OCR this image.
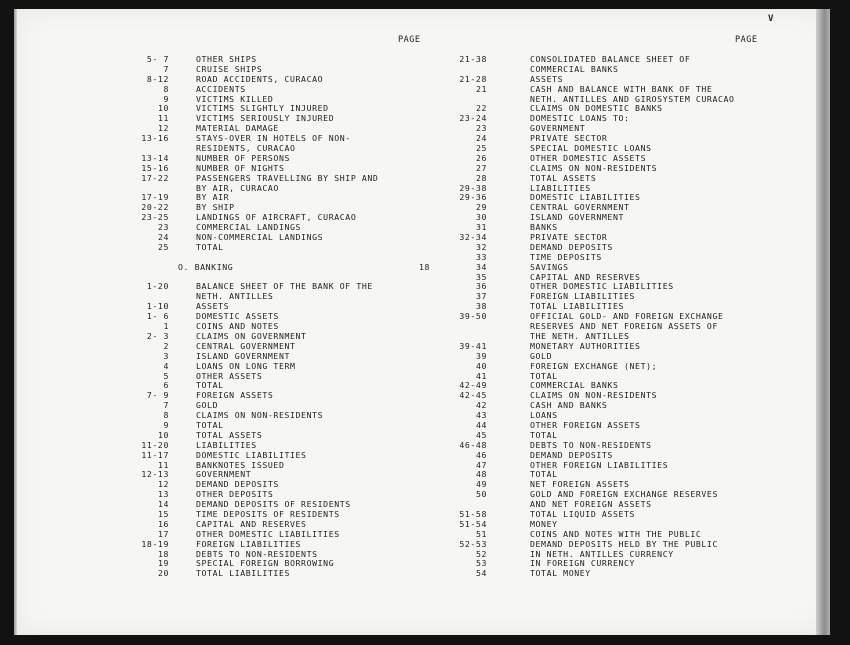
V
PAGE	PAGE
5- 7	OTHER SHIPS
7	CRUISE SHIPS
8-12	ROAD ACCIDENTS, CURACAO
8	ACCIDENTS
9	VICTIMS KILLED
10	VICTIMS SLIGHTLY INJURED
11	VICTIMS SERIOUSLY INJURED
12	MATERIAL DAMAGE
13-16	STAYS-OVER IN HOTELS OF NON-
RESIDENTS, CURACAO
13-14	NUMBER OF PERSONS
15-16	NUMBER OF NIGHTS
17-22	PASSENGERS TRAVELLING BY SHIP AND
BY AIR, CURACAO
17-19	BY AIR
20-22	BY SHIP
23-25	LANDINGS OF AIRCRAFT, CURACAO
23	COMMERCIAL LANDINGS
24	NON-COMMERCIAL LANDINGS
25	TOTAL
O. BANKING	18
1-20	BALANCE SHEET OF THE BANK OF THE
NETH. ANTILLES
1-10	ASSETS
1- 6	DOMESTIC ASSETS
1	COINS AND NOTES
2- 3	CLAIMS ON GOVERNMENT
2	CENTRAL GOVERNMENT
3	ISLAND GOVERNMENT
4	LOANS ON LONG TERM
5	OTHER ASSETS
6	TOTAL
7- 9	FOREIGN ASSETS
7	GOLD
8	CLAIMS ON NON-RESIDENTS
9	TOTAL
10	TOTAL ASSETS
11-20	LIABILITIES
11-17	DOMESTIC LIABILITIES
11	BANKNOTES ISSUED
12-13	GOVERNMENT
12	DEMAND DEPOSITS
13	OTHER DEPOSITS
14	DEMAND DEPOSITS OF RESIDENTS
15	TIME DEPOSITS OF RESIDENTS
16	CAPITAL AND RESERVES
17	OTHER DOMESTIC LIABILITIES
18-19	FOREIGN LIABILITIES
18	DEBTS TO NON-RESIDENTS
19	SPECIAL FOREIGN BORROWING
20	TOTAL LIABILITIES
21-38	CONSOLIDATED BALANCE SHEET OF
COMMERCIAL BANKS
21-28	ASSETS
21	CASH AND BALANCE WITH BANK OF THE
NETH. ANTILLES AND GIROSYSTEM CURACAO
22	CLAIMS ON DOMESTIC BANKS
23-24	DOMESTIC LOANS TO:
23	GOVERNMENT
24	PRIVATE SECTOR
25	SPECIAL DOMESTIC LOANS
26	OTHER DOMESTIC ASSETS
27	CLAIMS ON NON-RESIDENTS
28	TOTAL ASSETS
29-38	LIABILITIES
29-36	DOMESTIC LIABILITIES
29	CENTRAL GOVERNMENT
30	ISLAND GOVERNMENT
31	BANKS
32-34	PRIVATE SECTOR
32	DEMAND DEPOSITS
33	TIME DEPOSITS
34	SAVINGS
35	CAPITAL AND RESERVES
36	OTHER DOMESTIC LIABILITIES
37	FOREIGN LIABILITIES
38	TOTAL LIABILITIES
39-50	OFFICIAL GOLD- AND FOREIGN EXCHANGE
RESERVES AND NET FOREIGN ASSETS OF
THE NETH. ANTILLES
39-41	MONETARY AUTHORITIES
39	GOLD
40	FOREIGN EXCHANGE (NET);
41	TOTAL
42-49	COMMERCIAL BANKS
42-45	CLAIMS ON NON-RESIDENTS
42	CASH AND BANKS
43	LOANS
44	OTHER FOREIGN ASSETS
45	TOTAL
46-48	DEBTS TO NON-RESIDENTS
46	DEMAND DEPOSITS
47	OTHER FOREIGN LIABILITIES
48	TOTAL
49	NET FOREIGN ASSETS
50	GOLD AND FOREIGN EXCHANGE RESERVES
AND NET FOREIGN ASSETS
51-58	TOTAL LIQUID ASSETS
51-54	MONEY
51	COINS AND NOTES WITH THE PUBLIC
52-53	DEMAND DEPOSITS HELD BY THE PUBLIC
52	IN NETH. ANTILLES CURRENCY
53	IN FOREIGN CURRENCY
54	TOTAL MONEY
